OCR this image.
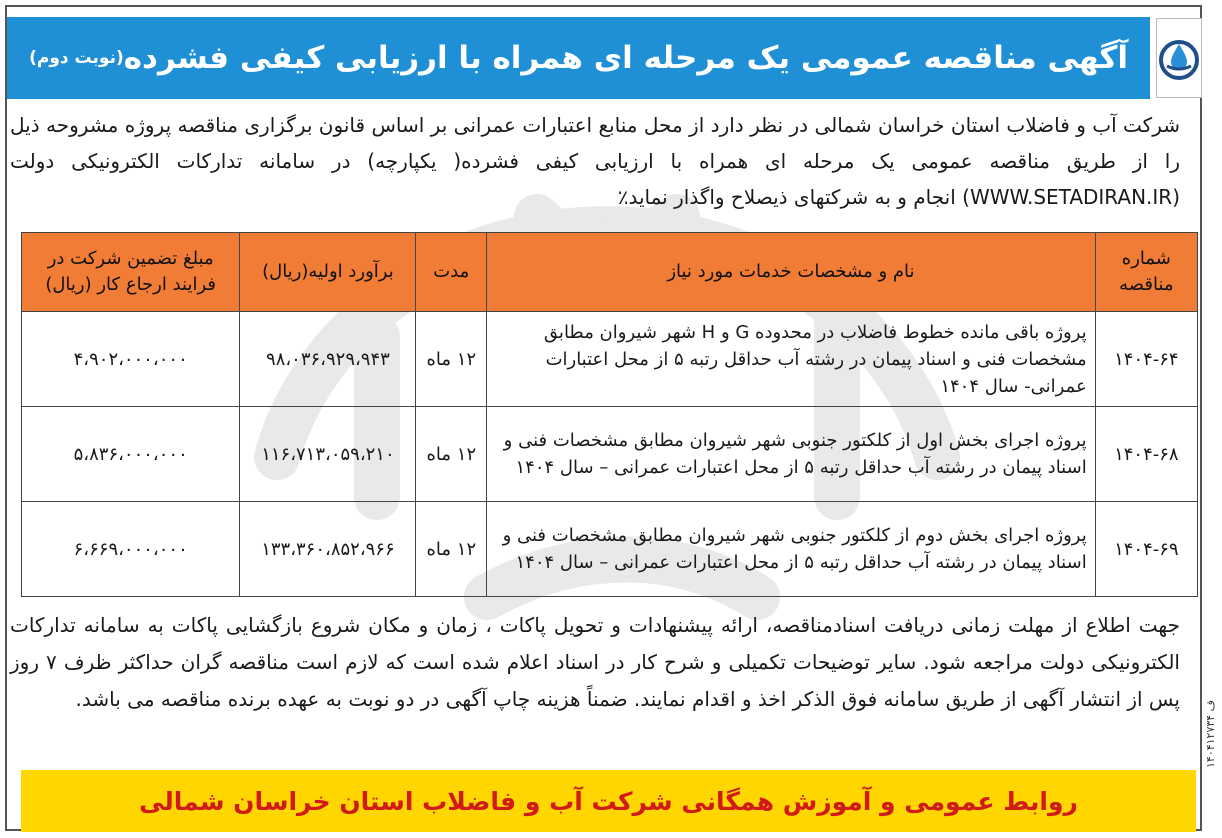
آگهی مناقصه عمومی یک مرحله ای همراه با ارزیابی کیفی فشرده
(نوبت دوم)
شرکت آب و فاضلاب استان خراسان شمالی در نظر دارد از محل منابع اعتبارات عمرانی بر اساس قانون برگزاری مناقصه پروژه مشروحه ذیل را از طریق مناقصه عمومی یک مرحله ای همراه با ارزیابی کیفی فشرده( یکپارچه) در سامانه تدارکات الکترونیکی دولت (WWW.SETADIRAN.IR) انجام و به شرکتهای ذیصلاح واگذار نماید٪
شماره مناقصه	نام و مشخصات خدمات مورد نیاز	مدت	برآورد اولیه(ریال)	مبلغ تضمین شرکت در فرایند ارجاع کار (ریال)
۱۴۰۴-۶۴	پروژه باقی مانده خطوط فاضلاب در محدوده G و H شهر شیروان مطابق مشخصات فنی و اسناد پیمان در رشته آب حداقل رتبه ۵ از محل اعتبارات عمرانی- سال ۱۴۰۴	۱۲ ماه	۹۸،۰۳۶،۹۲۹،۹۴۳	۴،۹۰۲،۰۰۰،۰۰۰
۱۴۰۴-۶۸	پروژه اجرای بخش اول از کلکتور جنوبی شهر شیروان مطابق مشخصات فنی و اسناد پیمان در رشته آب حداقل رتبه ۵ از محل اعتبارات عمرانی – سال ۱۴۰۴	۱۲ ماه	۱۱۶،۷۱۳،۰۵۹،۲۱۰	۵،۸۳۶،۰۰۰،۰۰۰
۱۴۰۴-۶۹	پروژه اجرای بخش دوم از کلکتور جنوبی شهر شیروان مطابق مشخصات فنی و اسناد پیمان در رشته آب حداقل رتبه ۵ از محل اعتبارات عمرانی – سال ۱۴۰۴	۱۲ ماه	۱۳۳،۳۶۰،۸۵۲،۹۶۶	۶،۶۶۹،۰۰۰،۰۰۰
جهت اطلاع از مهلت زمانی دریافت اسنادمناقصه، ارائه پیشنهادات و تحویل پاکات ، زمان و مکان شروع بازگشایی پاکات به سامانه تدارکات الکترونیکی دولت مراجعه شود. سایر توضیحات تکمیلی و شرح کار در اسناد اعلام شده است که لازم است مناقصه گران حداکثر ظرف ۷ روز پس از انتشار آگهی از طریق سامانه فوق الذکر اخذ و اقدام نمایند. ضمناً هزینه چاپ آگهی در دو نوبت به عهده برنده مناقصه می باشد.
روابط عمومی و آموزش همگانی شرکت آب و فاضلاب استان خراسان شمالی
ف ۱۴۰۴۱۲۷۳۴
